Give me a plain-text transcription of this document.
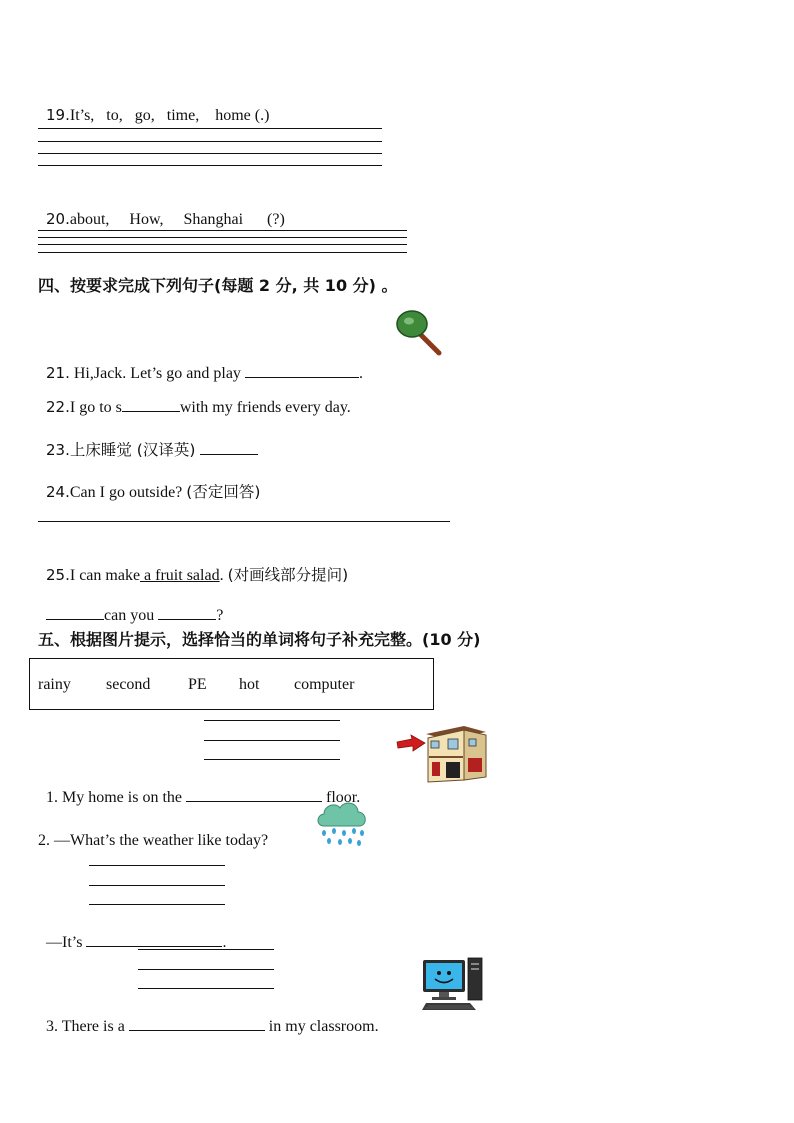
19.It’s,   to,   go,   time,    home (.)

20.about,     How,     Shanghai      (?)

四、按要求完成下列句子(每题 2 分, 共 10 分) 。

21. Hi,Jack. Let’s go and play	.

22.I go to s	with my friends every day.

23.上床睡觉 (汉译英)

24.Can I go outside? (否定回答)

25.I can make a fruit salad. (对画线部分提问)

can you	?

五、根据图片提示，选择恰当的单词将句子补充完整。(10 分)
rainy second PE hot computer

1. My home is on the	floor.

2. —What’s the weather like today?

—It’s	.

3. There is a	in my classroom.
